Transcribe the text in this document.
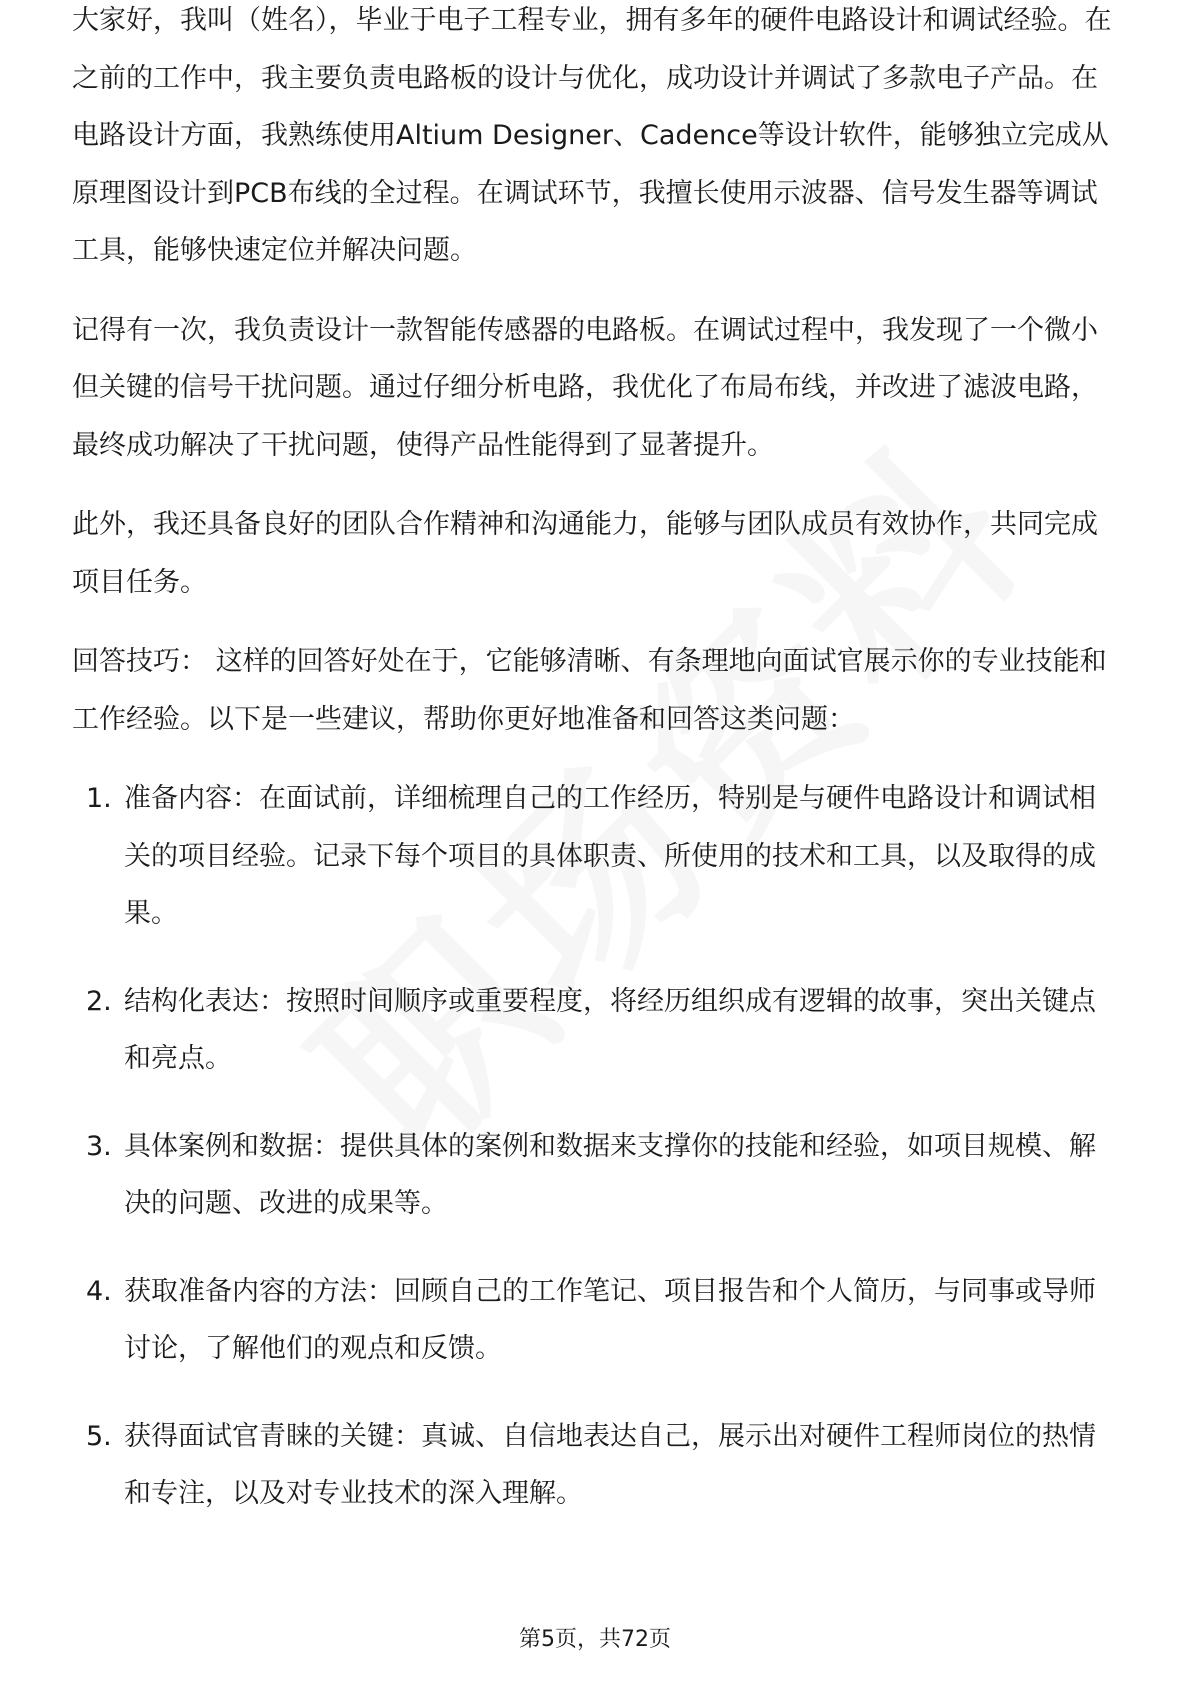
大家好，我叫（姓名），毕业于电子工程专业，拥有多年的硬件电路设计和调试经验。在之前的工作中，我主要负责电路板的设计与优化，成功设计并调试了多款电子产品。在电路设计方面，我熟练使用Altium Designer、Cadence等设计软件，能够独立完成从原理图设计到PCB布线的全过程。在调试环节，我擅长使用示波器、信号发生器等调试工具，能够快速定位并解决问题。

记得有一次，我负责设计一款智能传感器的电路板。在调试过程中，我发现了一个微小但关键的信号干扰问题。通过仔细分析电路，我优化了布局布线，并改进了滤波电路，最终成功解决了干扰问题，使得产品性能得到了显著提升。

此外，我还具备良好的团队合作精神和沟通能力，能够与团队成员有效协作，共同完成项目任务。

回答技巧： 这样的回答好处在于，它能够清晰、有条理地向面试官展示你的专业技能和工作经验。以下是一些建议，帮助你更好地准备和回答这类问题：

1. 准备内容：在面试前，详细梳理自己的工作经历，特别是与硬件电路设计和调试相关的项目经验。记录下每个项目的具体职责、所使用的技术和工具，以及取得的成果。
2. 结构化表达：按照时间顺序或重要程度，将经历组织成有逻辑的故事，突出关键点和亮点。
3. 具体案例和数据：提供具体的案例和数据来支撑你的技能和经验，如项目规模、解决的问题、改进的成果等。
4. 获取准备内容的方法：回顾自己的工作笔记、项目报告和个人简历，与同事或导师讨论，了解他们的观点和反馈。
5. 获得面试官青睐的关键：真诚、自信地表达自己，展示出对硬件工程师岗位的热情和专注，以及对专业技术的深入理解。
第5页，共72页
